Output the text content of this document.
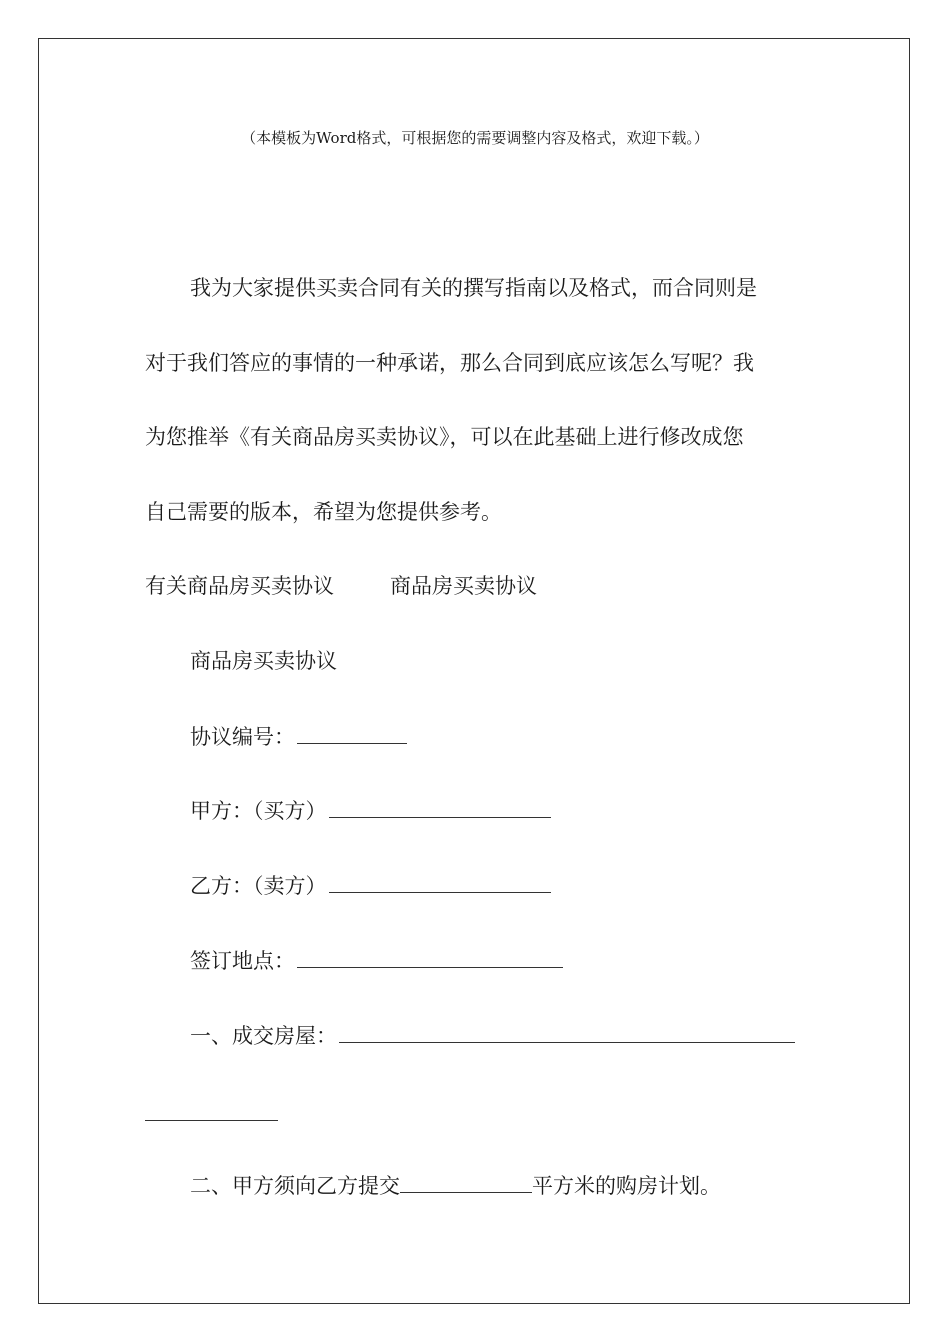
（本模板为Word格式，可根据您的需要调整内容及格式，欢迎下载。）
我为大家提供买卖合同有关的撰写指南以及格式，而合同则是
对于我们答应的事情的一种承诺，那么合同到底应该怎么写呢？我
为您推举《有关商品房买卖协议》，可以在此基础上进行修改成您
自己需要的版本，希望为您提供参考。
有关商品房买卖协议	商品房买卖协议
商品房买卖协议
协议编号：
甲方：（买方）
乙方：（卖方）
签订地点：
一、成交房屋：
二、甲方须向乙方提交	平方米的购房计划。
